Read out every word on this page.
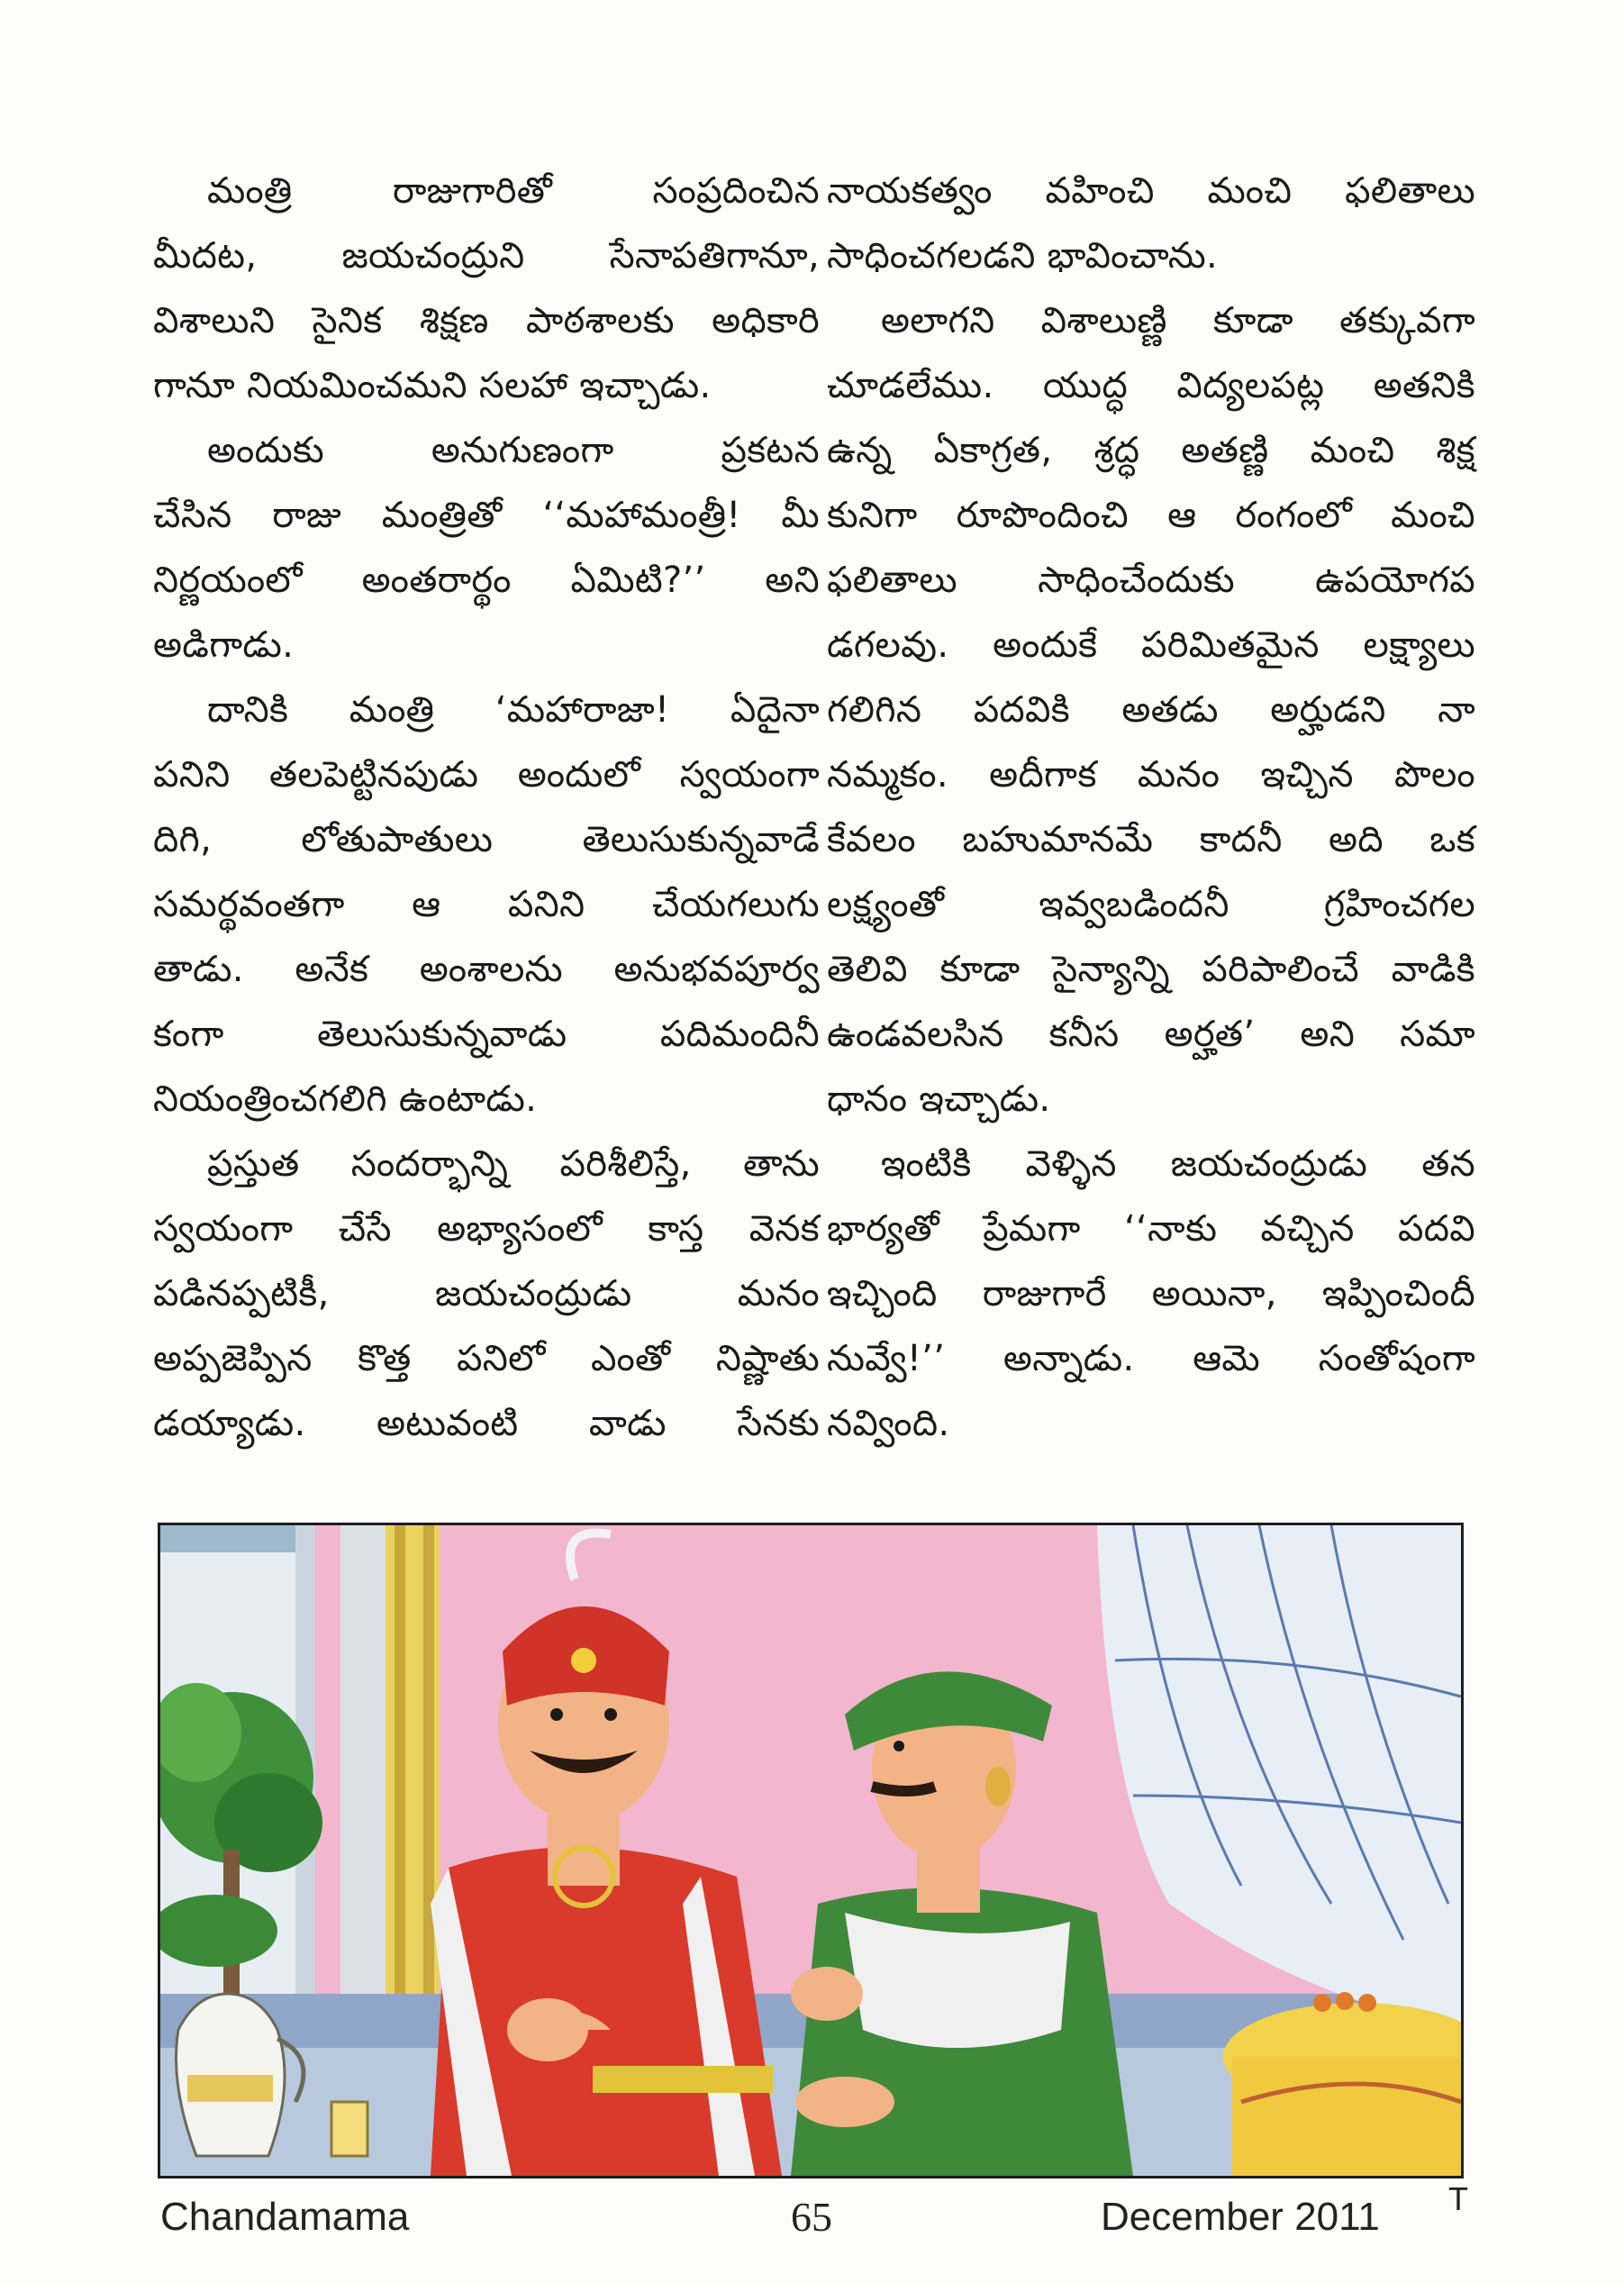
మంత్రి రాజుగారితో సంప్రదించిన
మీదట, జయచంద్రుని సేనాపతిగానూ,
విశాలుని సైనిక శిక్షణ పాఠశాలకు అధికారి
గానూ నియమించమని సలహా ఇచ్చాడు.
అందుకు అనుగుణంగా ప్రకటన
చేసిన రాజు మంత్రితో ‘‘మహామంత్రీ! మీ
నిర్ణయంలో అంతరార్థం ఏమిటి?’’ అని
అడిగాడు.
దానికి మంత్రి ‘మహారాజా! ఏదైనా
పనిని తలపెట్టినపుడు అందులో స్వయంగా
దిగి, లోతుపాతులు తెలుసుకున్నవాడే
సమర్థవంతగా ఆ పనిని చేయగలుగు
తాడు. అనేక అంశాలను అనుభవపూర్వ
కంగా తెలుసుకున్నవాడు పదిమందినీ
నియంత్రించగలిగి ఉంటాడు.
ప్రస్తుత సందర్భాన్ని పరిశీలిస్తే, తాను
స్వయంగా చేసే అభ్యాసంలో కాస్త వెనక
పడినప్పటికీ, జయచంద్రుడు మనం
అప్పజెప్పిన కొత్త పనిలో ఎంతో నిష్ణాతు
డయ్యాడు. అటువంటి వాడు సేనకు
నాయకత్వం వహించి మంచి ఫలితాలు
సాధించగలడని భావించాను.
అలాగని విశాలుణ్ణి కూడా తక్కువగా
చూడలేము. యుద్ధ విద్యలపట్ల అతనికి
ఉన్న ఏకాగ్రత, శ్రద్ధ అతణ్ణి మంచి శిక్ష
కునిగా రూపొందించి ఆ రంగంలో మంచి
ఫలితాలు సాధించేందుకు ఉపయోగప
డగలవు. అందుకే పరిమితమైన లక్ష్యాలు
గలిగిన పదవికి అతడు అర్హుడని నా
నమ్మకం. అదీగాక మనం ఇచ్చిన పొలం
కేవలం బహుమానమే కాదనీ అది ఒక
లక్ష్యంతో ఇవ్వబడిందనీ గ్రహించగల
తెలివి కూడా సైన్యాన్ని పరిపాలించే వాడికి
ఉండవలసిన కనీస అర్హత’ అని సమా
ధానం ఇచ్చాడు.
ఇంటికి వెళ్ళిన జయచంద్రుడు తన
భార్యతో ప్రేమగా ‘‘నాకు వచ్చిన పదవి
ఇచ్చింది రాజుగారే అయినా, ఇప్పించిందీ
నువ్వే!’’ అన్నాడు. ఆమె సంతోషంగా
నవ్వింది.
Chandamama	65	December 2011 T
